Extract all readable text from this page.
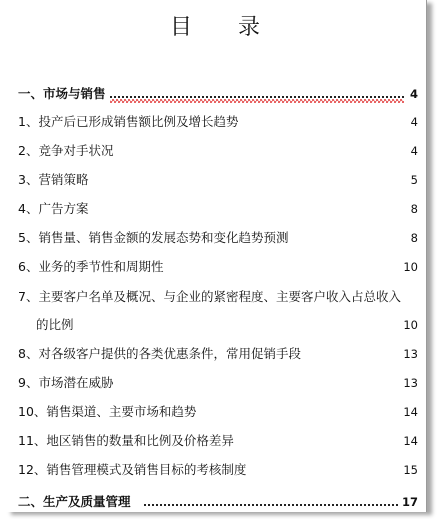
目 录
一、市场与销售	4
1、投产后已形成销售额比例及增长趋势	4
2、竞争对手状况	4
3、营销策略	5
4、广告方案	8
5、销售量、销售金额的发展态势和变化趋势预测	8
6、业务的季节性和周期性	10
7、主要客户名单及概况、与企业的紧密程度、主要客户收入占总收入
的比例	10
8、对各级客户提供的各类优惠条件，常用促销手段	13
9、市场潜在威胁	13
10、销售渠道、主要市场和趋势	14
11、地区销售的数量和比例及价格差异	14
12、销售管理模式及销售目标的考核制度	15
二、生产及质量管理	17
